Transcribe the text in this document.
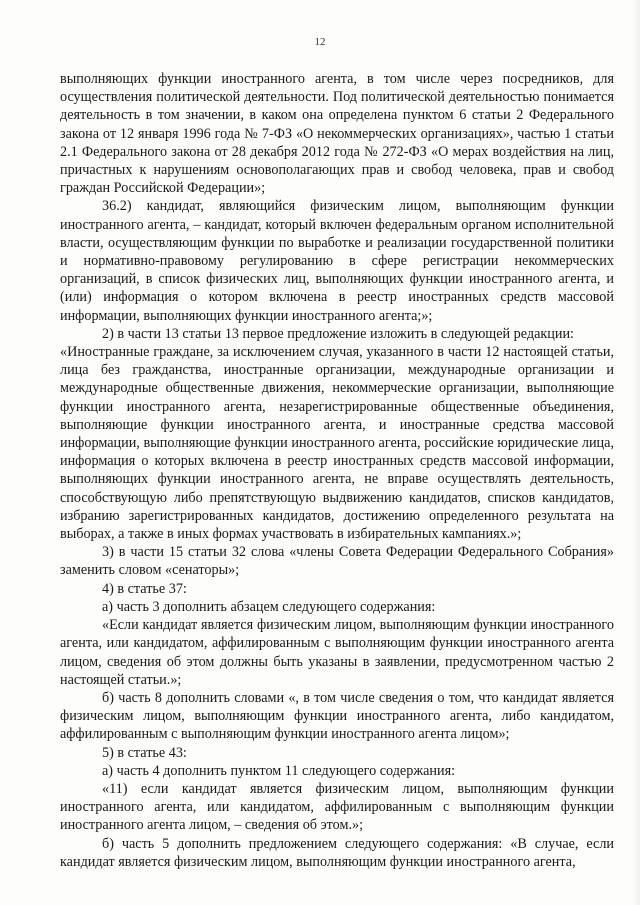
12

выполняющих функции иностранного агента, в том числе через посредников, для осуществления политической деятельности. Под политической деятельностью понимается деятельность в том значении, в каком она определена пунктом 6 статьи 2 Федерального закона от 12 января 1996 года № 7-ФЗ «О некоммерческих организациях», частью 1 статьи 2.1 Федерального закона от 28 декабря 2012 года № 272-ФЗ «О мерах воздействия на лиц, причастных к нарушениям основополагающих прав и свобод человека, прав и свобод граждан Российской Федерации»;

36.2) кандидат, являющийся физическим лицом, выполняющим функции иностранного агента, – кандидат, который включен федеральным органом исполнительной власти, осуществляющим функции по выработке и реализации государственной политики и нормативно-правовому регулированию в сфере регистрации некоммерческих организаций, в список физических лиц, выполняющих функции иностранного агента, и (или) информация о котором включена в реестр иностранных средств массовой информации, выполняющих функции иностранного агента;»;

2) в части 13 статьи 13 первое предложение изложить в следующей редакции:

«Иностранные граждане, за исключением случая, указанного в части 12 настоящей статьи, лица без гражданства, иностранные организации, международные организации и международные общественные движения, некоммерческие организации, выполняющие функции иностранного агента, незарегистрированные общественные объединения, выполняющие функции иностранного агента, и иностранные средства массовой информации, выполняющие функции иностранного агента, российские юридические лица, информация о которых включена в реестр иностранных средств массовой информации, выполняющих функции иностранного агента, не вправе осуществлять деятельность, способствующую либо препятствующую выдвижению кандидатов, списков кандидатов, избранию зарегистрированных кандидатов, достижению определенного результата на выборах, а также в иных формах участвовать в избирательных кампаниях.»;

3) в части 15 статьи 32 слова «члены Совета Федерации Федерального Собрания» заменить словом «сенаторы»;

4) в статье 37:

а) часть 3 дополнить абзацем следующего содержания:

«Если кандидат является физическим лицом, выполняющим функции иностранного агента, или кандидатом, аффилированным с выполняющим функции иностранного агента лицом, сведения об этом должны быть указаны в заявлении, предусмотренном частью 2 настоящей статьи.»;

б) часть 8 дополнить словами «, в том числе сведения о том, что кандидат является физическим лицом, выполняющим функции иностранного агента, либо кандидатом, аффилированным с выполняющим функции иностранного агента лицом»;

5) в статье 43:

а) часть 4 дополнить пунктом 11 следующего содержания:

«11) если кандидат является физическим лицом, выполняющим функции иностранного агента, или кандидатом, аффилированным с выполняющим функции иностранного агента лицом, – сведения об этом.»;

б) часть 5 дополнить предложением следующего содержания: «В случае, если кандидат является физическим лицом, выполняющим функции иностранного агента,
